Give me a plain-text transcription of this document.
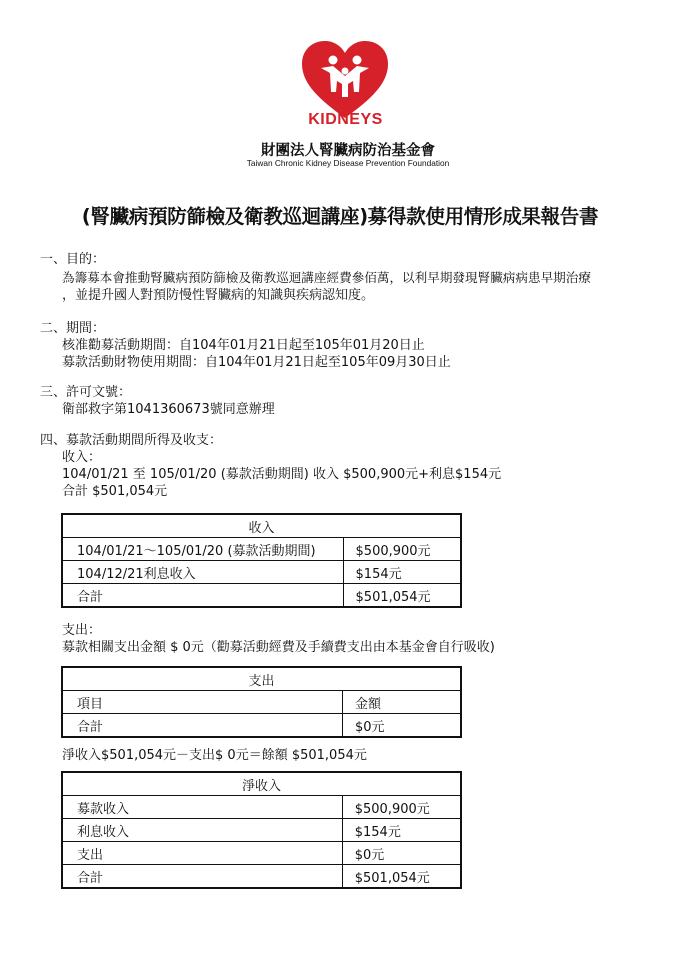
KIDNEYS
財團法人腎臟病防治基金會
Taiwan Chronic Kidney Disease Prevention Foundation
(腎臟病預防篩檢及衛教巡迴講座)募得款使用情形成果報告書
一、目的：
為籌募本會推動腎臟病預防篩檢及衛教巡迴講座經費參佰萬，以利早期發現腎臟病病患早期治療
，並提升國人對預防慢性腎臟病的知識與疾病認知度。
二、期間：
核准勸募活動期間：自104年01月21日起至105年01月20日止
募款活動財物使用期間：自104年01月21日起至105年09月30日止
三、許可文號：
衛部救字第1041360673號同意辦理
四、募款活動期間所得及收支：
收入：
104/01/21 至 105/01/20 (募款活動期間) 收入 $500,900元+利息$154元
合計 $501,054元
收入	
104/01/21～105/01/20 (募款活動期間)	$500,900元
104/12/21利息收入	$154元
合計	$501,054元
支出：
募款相關支出金額 $ 0元（勸募活動經費及手續費支出由本基金會自行吸收)
支出	
項目	金額
合計	$0元
淨收入$501,054元－支出$ 0元＝餘額 $501,054元
淨收入	
募款收入	$500,900元
利息收入	$154元
支出	$0元
合計	$501,054元
